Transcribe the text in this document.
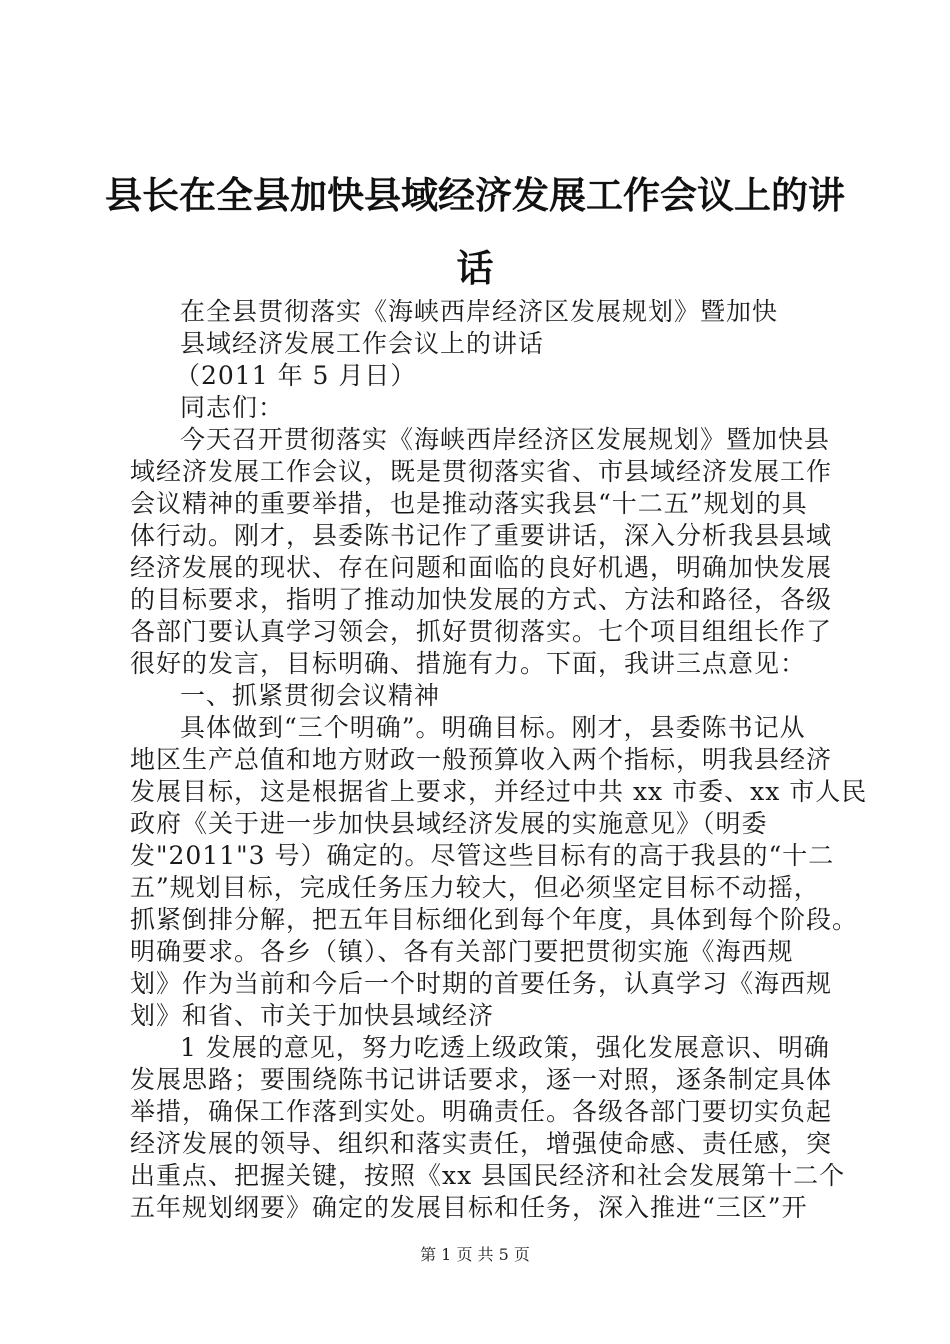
县长在全县加快县域经济发展工作会议上的讲
话
在全县贯彻落实《海峡西岸经济区发展规划》暨加快
县域经济发展工作会议上的讲话
（2011 年 5 月日）
同志们：
今天召开贯彻落实《海峡西岸经济区发展规划》暨加快县
域经济发展工作会议，既是贯彻落实省、市县域经济发展工作
会议精神的重要举措，也是推动落实我县“十二五”规划的具
体行动。刚才，县委陈书记作了重要讲话，深入分析我县县域
经济发展的现状、存在问题和面临的良好机遇，明确加快发展
的目标要求，指明了推动加快发展的方式、方法和路径，各级
各部门要认真学习领会，抓好贯彻落实。七个项目组组长作了
很好的发言，目标明确、措施有力。下面，我讲三点意见：
一、抓紧贯彻会议精神
具体做到“三个明确”。明确目标。刚才，县委陈书记从
地区生产总值和地方财政一般预算收入两个指标，明我县经济
发展目标，这是根据省上要求，并经过中共 xx 市委、xx 市人民
政府《关于进一步加快县域经济发展的实施意见》（明委
发"2011"3 号）确定的。尽管这些目标有的高于我县的“十二
五”规划目标，完成任务压力较大，但必须坚定目标不动摇，
抓紧倒排分解，把五年目标细化到每个年度，具体到每个阶段。
明确要求。各乡（镇）、各有关部门要把贯彻实施《海西规
划》作为当前和今后一个时期的首要任务，认真学习《海西规
划》和省、市关于加快县域经济
1 发展的意见，努力吃透上级政策，强化发展意识、明确
发展思路；要围绕陈书记讲话要求，逐一对照，逐条制定具体
举措，确保工作落到实处。明确责任。各级各部门要切实负起
经济发展的领导、组织和落实责任，增强使命感、责任感，突
出重点、把握关键，按照《xx 县国民经济和社会发展第十二个
五年规划纲要》确定的发展目标和任务，深入推进“三区”开
第 1 页 共 5 页
